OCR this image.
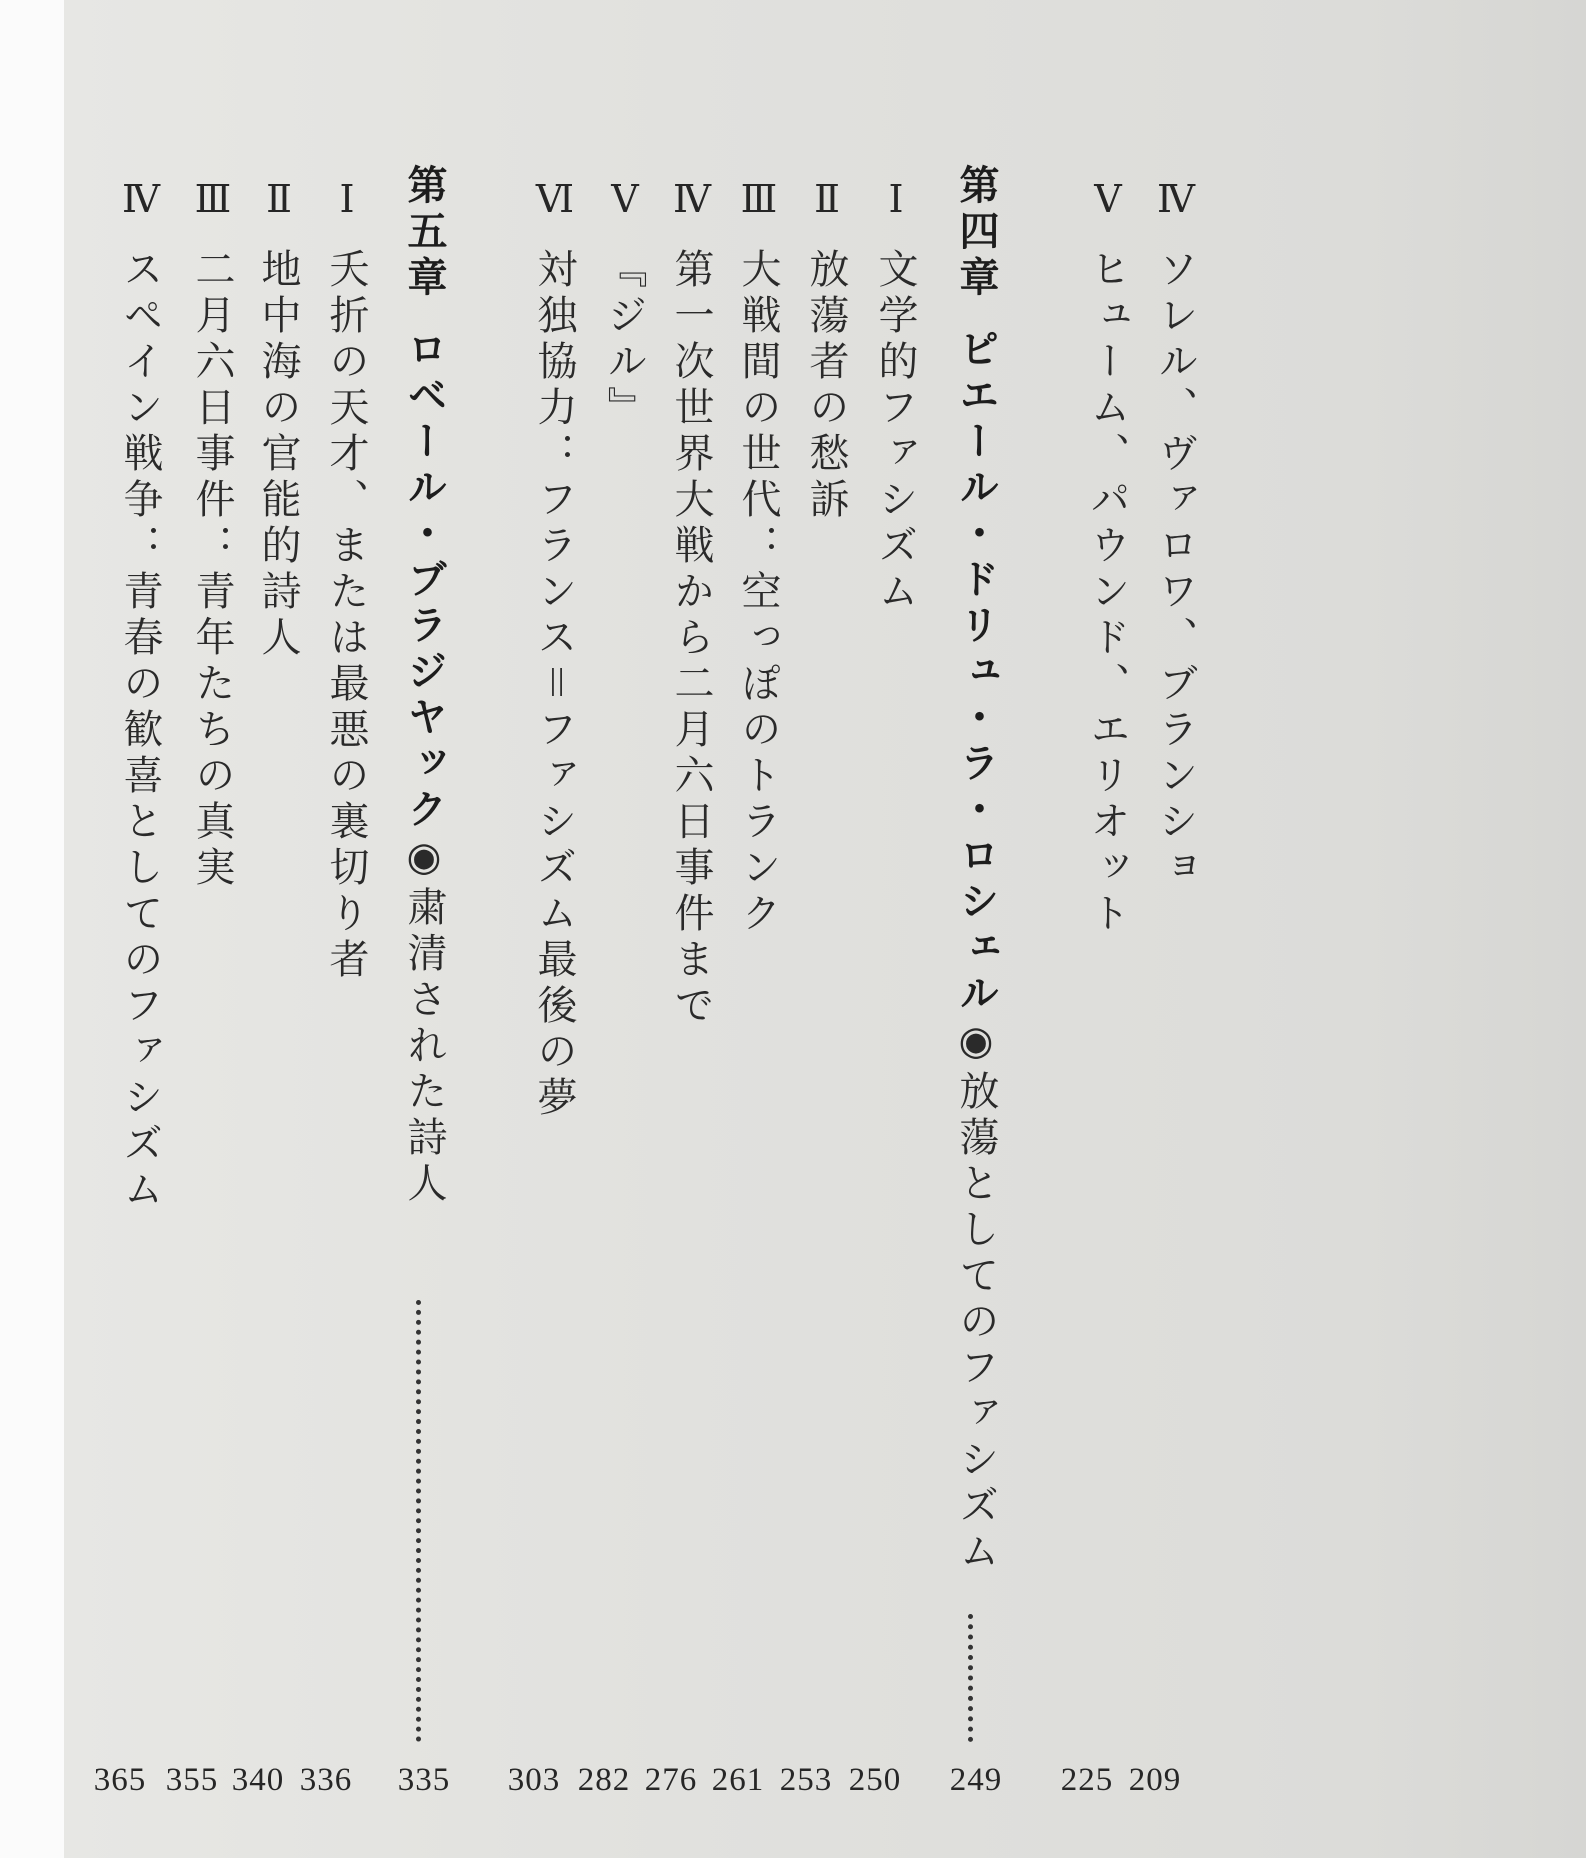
Ⅳ
ソレル、ヴァロワ、ブランショ
209
Ⅴ
ヒューム、パウンド、エリオット
225
第四章ピエール・ドリュ・ラ・ロシェル◉放蕩としてのファシズム
249
Ⅰ
文学的ファシズム
250
Ⅱ
放蕩者の愁訴
253
Ⅲ
大戦間の世代：空っぽのトランク
261
Ⅳ
第一次世界大戦から二月六日事件まで
276
Ⅴ
『ジル』
282
Ⅵ
対独協力：フランス＝ファシズム最後の夢
303
第五章ロベール・ブラジヤック◉粛清された詩人
335
Ⅰ
夭折の天才、または最悪の裏切り者
336
Ⅱ
地中海の官能的詩人
340
Ⅲ
二月六日事件：青年たちの真実
355
Ⅳ
スペイン戦争：青春の歓喜としてのファシズム
365
